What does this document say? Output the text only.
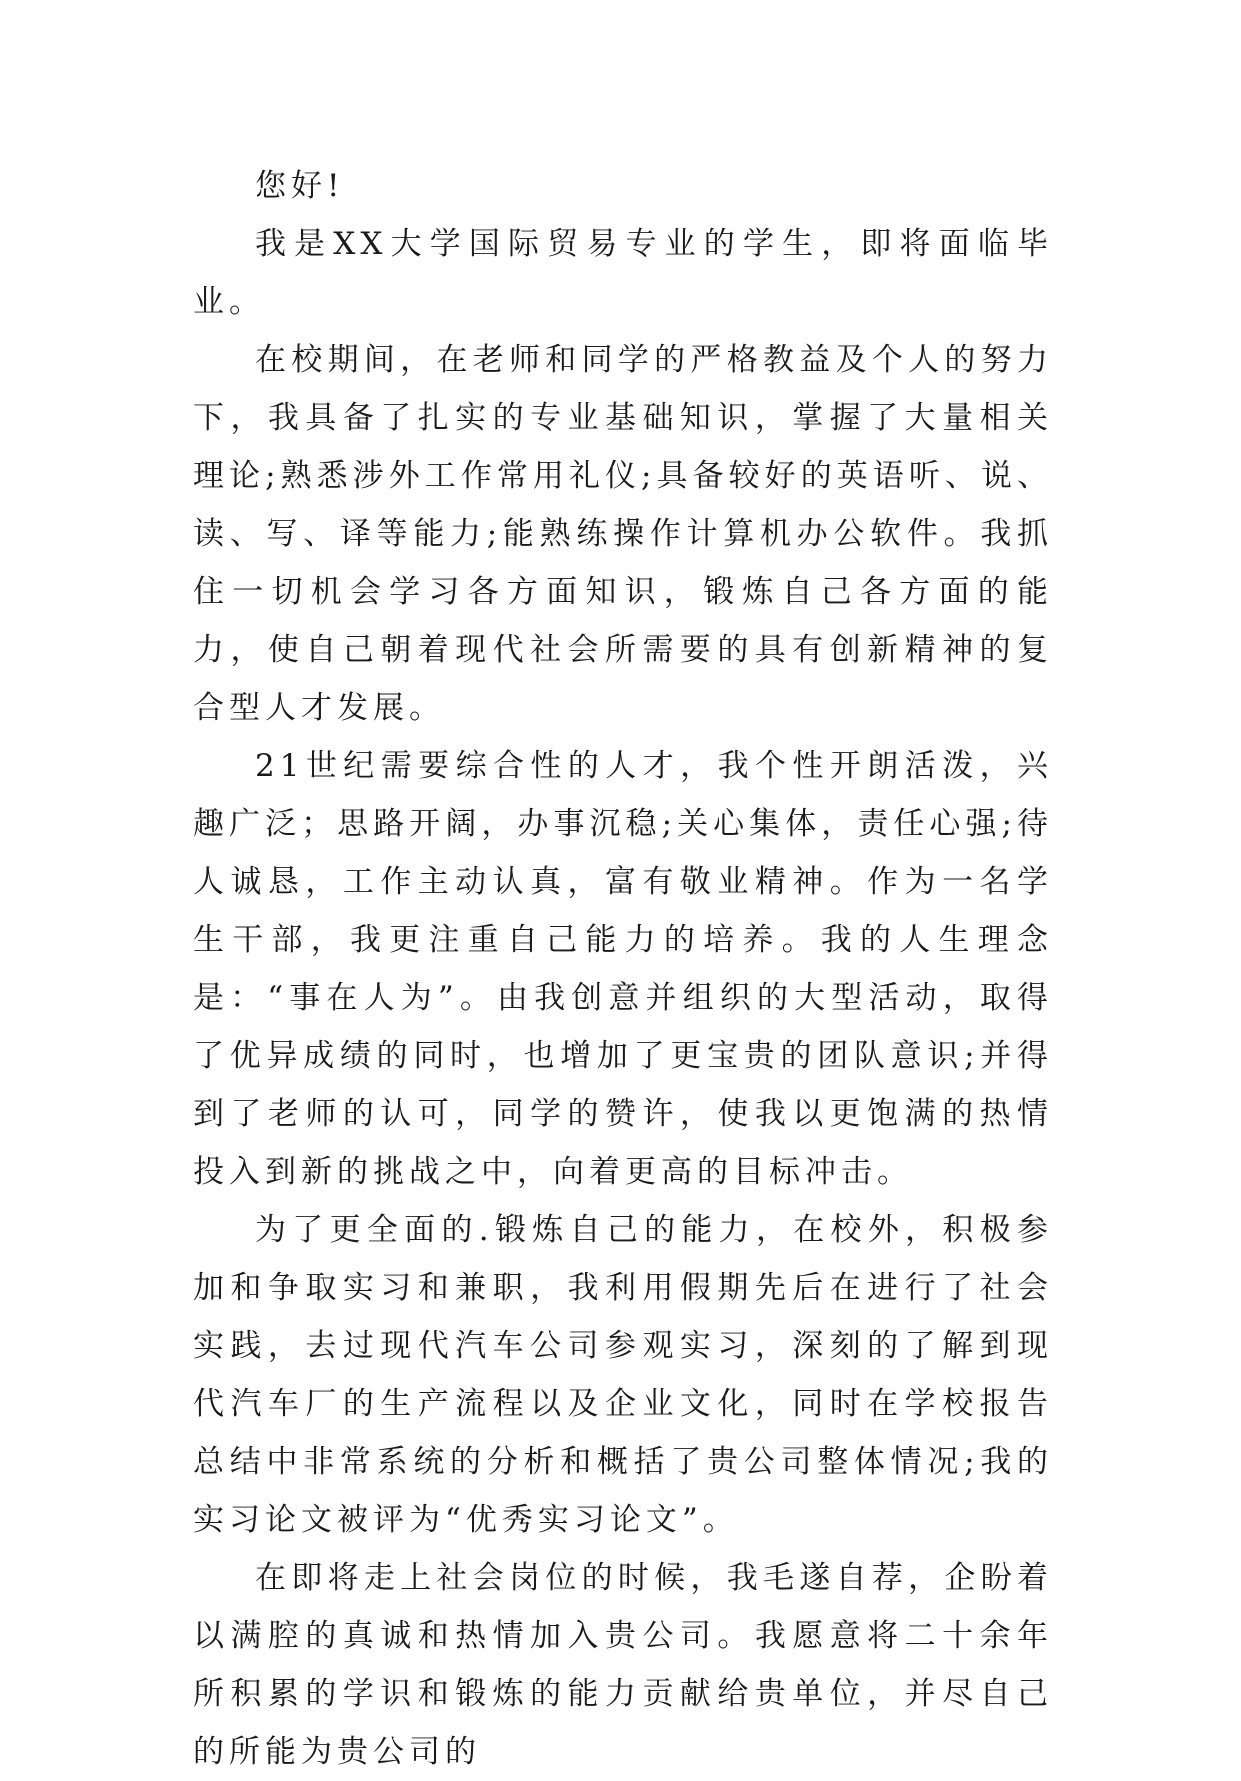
您好!

我是XX大学国际贸易专业的学生，即将面临毕业。

在校期间，在老师和同学的严格教益及个人的努力下，我具备了扎实的专业基础知识，掌握了大量相关理论;熟悉涉外工作常用礼仪;具备较好的英语听、说、读、写、译等能力;能熟练操作计算机办公软件。我抓住一切机会学习各方面知识，锻炼自己各方面的能力，使自己朝着现代社会所需要的具有创新精神的复合型人才发展。

21世纪需要综合性的人才，我个性开朗活泼，兴趣广泛；思路开阔，办事沉稳;关心集体，责任心强;待人诚恳，工作主动认真，富有敬业精神。作为一名学生干部，我更注重自己能力的培养。我的人生理念是：“事在人为”。由我创意并组织的大型活动，取得了优异成绩的同时，也增加了更宝贵的团队意识;并得到了老师的认可，同学的赞许，使我以更饱满的热情投入到新的挑战之中，向着更高的目标冲击。

为了更全面的.锻炼自己的能力，在校外，积极参加和争取实习和兼职，我利用假期先后在进行了社会实践，去过现代汽车公司参观实习，深刻的了解到现代汽车厂的生产流程以及企业文化，同时在学校报告总结中非常系统的分析和概括了贵公司整体情况;我的实习论文被评为“优秀实习论文”。

在即将走上社会岗位的时候，我毛遂自荐，企盼着以满腔的真诚和热情加入贵公司。我愿意将二十余年所积累的学识和锻炼的能力贡献给贵单位，并尽自己的所能为贵公司的
